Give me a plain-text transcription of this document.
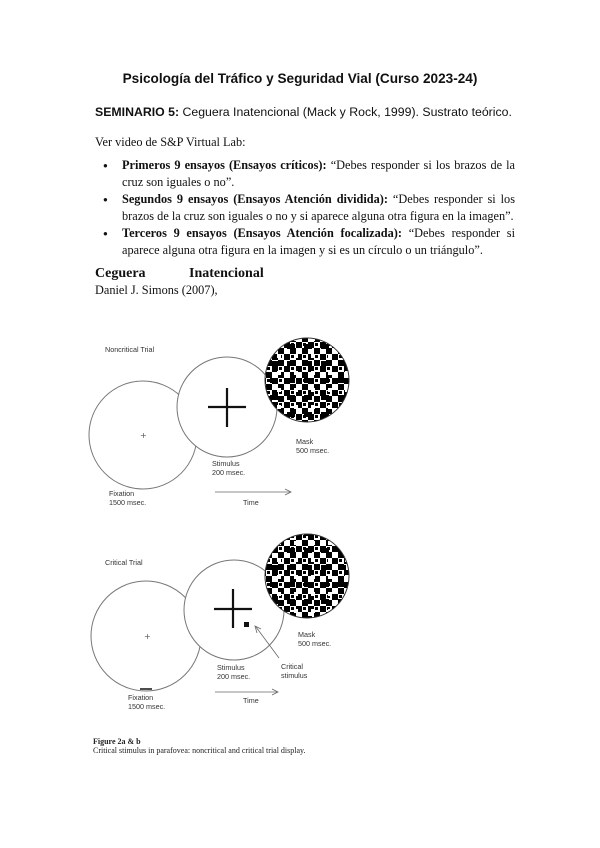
Psicología del Tráfico y Seguridad Vial (Curso 2023-24)
SEMINARIO 5: Ceguera Inatencional (Mack y Rock, 1999). Sustrato teórico.
Ver video de S&P Virtual Lab:
● Primeros 9 ensayos (Ensayos críticos): “Debes responder si los brazos de la cruz son iguales o no”.
● Segundos 9 ensayos (Ensayos Atención dividida): “Debes responder si los brazos de la cruz son iguales o no y si aparece alguna otra figura en la imagen”.
● Terceros 9 ensayos (Ensayos Atención focalizada): “Debes responder si aparece alguna otra figura en la imagen y si es un círculo o un triángulo”.
Ceguera Inatencional
Daniel J. Simons (2007),
Noncritical Trial
+
Mask
500 msec.
Stimulus
200 msec.
Fixation
1500 msec.	Time
Critical Trial
+	Mask
500 msec.
Critical
stimulus
Stimulus
200 msec.
Fixation
1500 msec.
Time
Figure 2a & b
Critical stimulus in parafovea: noncritical and critical trial display.
